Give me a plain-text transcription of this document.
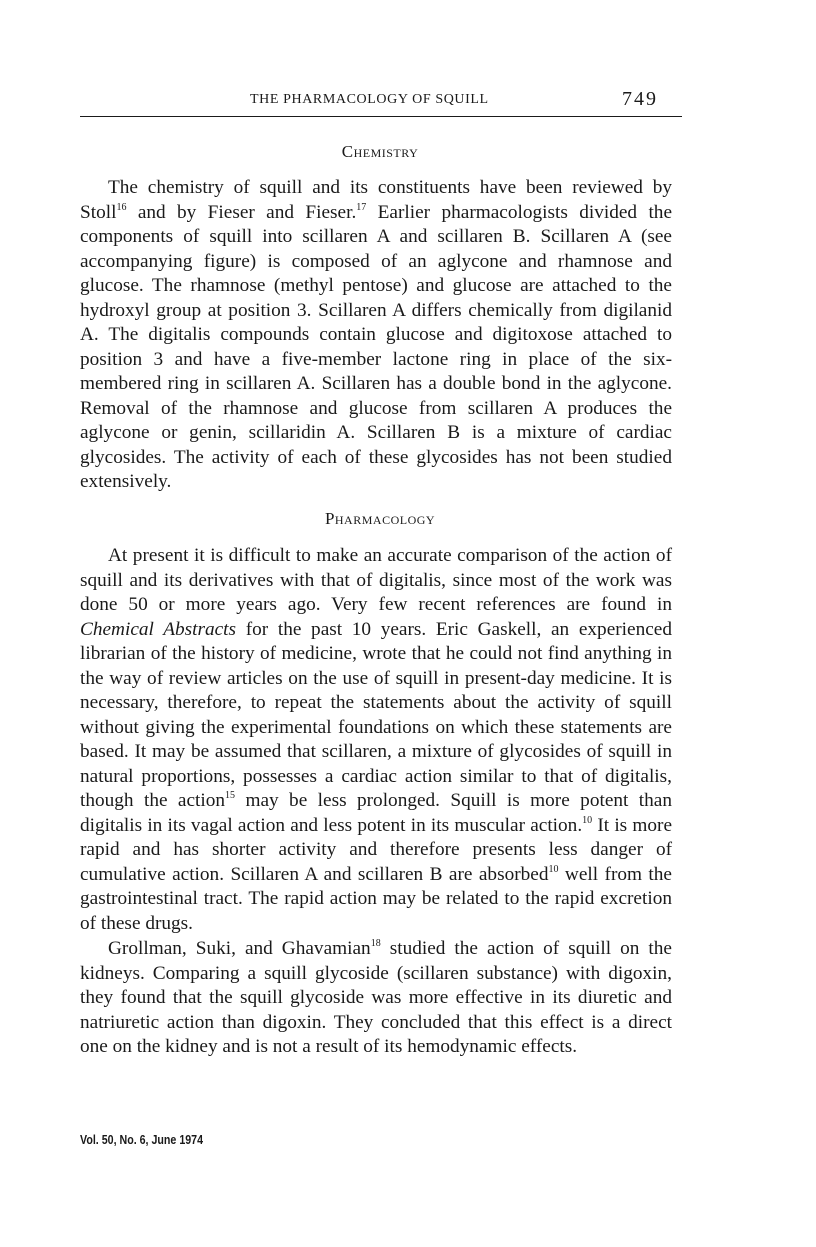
THE PHARMACOLOGY OF SQUILL	749
Chemistry

The chemistry of squill and its constituents have been reviewed by Stoll$^{16}$ and by Fieser and Fieser.$^{17}$ Earlier pharmacologists divided the components of squill into scillaren A and scillaren B. Scillaren A (see accompanying figure) is composed of an aglycone and rhamnose and glucose. The rhamnose (methyl pentose) and glucose are attached to the hydroxyl group at position 3. Scillaren A differs chemically from digilanid A. The digitalis compounds contain glucose and digitoxose attached to position 3 and have a five-member lactone ring in place of the six-membered ring in scillaren A. Scillaren has a double bond in the aglycone. Removal of the rhamnose and glucose from scillaren A produces the aglycone or genin, scillaridin A. Scillaren B is a mixture of cardiac glycosides. The activity of each of these glycosides has not been studied extensively.

Pharmacology

At present it is difficult to make an accurate comparison of the action of squill and its derivatives with that of digitalis, since most of the work was done 50 or more years ago. Very few recent references are found in Chemical Abstracts for the past 10 years. Eric Gaskell, an experienced librarian of the history of medicine, wrote that he could not find anything in the way of review articles on the use of squill in present-day medicine. It is necessary, therefore, to repeat the statements about the activity of squill without giving the experimental foundations on which these statements are based. It may be assumed that scillaren, a mixture of glycosides of squill in natural proportions, possesses a cardiac action similar to that of digitalis, though the action$^{15}$ may be less prolonged. Squill is more potent than digitalis in its vagal action and less potent in its muscular action.$^{10}$ It is more rapid and has shorter activity and therefore presents less danger of cumulative action. Scillaren A and scillaren B are absorbed$^{10}$ well from the gastrointestinal tract. The rapid action may be related to the rapid excretion of these drugs.

Grollman, Suki, and Ghavamian$^{18}$ studied the action of squill on the kidneys. Comparing a squill glycoside (scillaren substance) with digoxin, they found that the squill glycoside was more effective in its diuretic and natriuretic action than digoxin. They concluded that this effect is a direct one on the kidney and is not a result of its hemodynamic effects.

Vol. 50, No. 6, June 1974
